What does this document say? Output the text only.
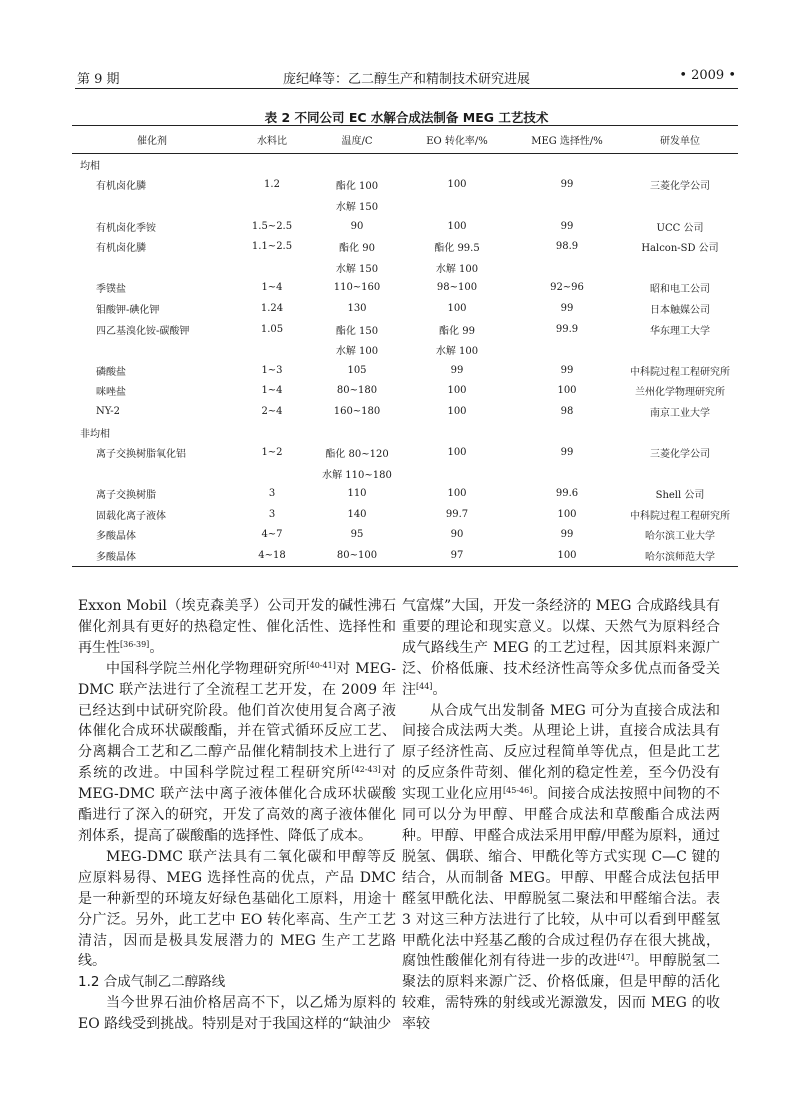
第 9 期	庞纪峰等：乙二醇生产和精制技术研究进展	• 2009 •
表 2 不同公司 EC 水解合成法制备 MEG 工艺技术
催化剂	水料比	温度/C	EO 转化率/%	MEG 选择性/%	研发单位
均相					
有机卤化膦	1.2	酯化 100	100	99	三菱化学公司
		水解 150			
有机卤化季铵	1.5~2.5	90	100	99	UCC 公司
有机卤化膦	1.1~2.5	酯化 90	酯化 99.5	98.9	Halcon-SD 公司
		水解 150	水解 100		
季镤盐	1~4	110~160	98~100	92~96	昭和电工公司
钼酸钾-碘化钾	1.24	130	100	99	日本触媒公司
四乙基溴化铵-碳酸钾	1.05	酯化 150	酯化 99	99.9	华东理工大学
		水解 100	水解 100		
磷酸盐	1~3	105	99	99	中科院过程工程研究所
咪唑盐	1~4	80~180	100	100	兰州化学物理研究所
NY-2	2~4	160~180	100	98	南京工业大学
非均相					
离子交换树脂氧化铝	1~2	酯化 80~120	100	99	三菱化学公司
		水解 110~180			
离子交换树脂	3	110	100	99.6	Shell 公司
固载化离子液体	3	140	99.7	100	中科院过程工程研究所
多酸晶体	4~7	95	90	99	哈尔滨工业大学
多酸晶体	4~18	80~100	97	100	哈尔滨师范大学

Exxon Mobil（埃克森美孚）公司开发的碱性沸石催化剂具有更好的热稳定性、催化活性、选择性和再生性[36-39]。

中国科学院兰州化学物理研究所[40-41]对 MEG-DMC 联产法进行了全流程工艺开发，在 2009 年已经达到中试研究阶段。他们首次使用复合离子液体催化合成环状碳酸酯，并在管式循环反应工艺、分离耦合工艺和乙二醇产品催化精制技术上进行了系统的改进。中国科学院过程工程研究所[42-43]对 MEG-DMC 联产法中离子液体催化合成环状碳酸酯进行了深入的研究，开发了高效的离子液体催化剂体系，提高了碳酸酯的选择性、降低了成本。

MEG-DMC 联产法具有二氧化碳和甲醇等反应原料易得、MEG 选择性高的优点，产品 DMC 是一种新型的环境友好绿色基础化工原料，用途十分广泛。另外，此工艺中 EO 转化率高、生产工艺清洁，因而是极具发展潜力的 MEG 生产工艺路线。

1.2 合成气制乙二醇路线

当今世界石油价格居高不下，以乙烯为原料的 EO 路线受到挑战。特别是对于我国这样的“缺油少

气富煤”大国，开发一条经济的 MEG 合成路线具有重要的理论和现实意义。以煤、天然气为原料经合成气路线生产 MEG 的工艺过程，因其原料来源广泛、价格低廉、技术经济性高等众多优点而备受关注[44]。

从合成气出发制备 MEG 可分为直接合成法和间接合成法两大类。从理论上讲，直接合成法具有原子经济性高、反应过程简单等优点，但是此工艺的反应条件苛刻、催化剂的稳定性差，至今仍没有实现工业化应用[45-46]。间接合成法按照中间物的不同可以分为甲醇、甲醛合成法和草酸酯合成法两种。甲醇、甲醛合成法采用甲醇/甲醛为原料，通过脱氢、偶联、缩合、甲酰化等方式实现 C—C 键的结合，从而制备 MEG。甲醇、甲醛合成法包括甲醛氢甲酰化法、甲醇脱氢二聚法和甲醛缩合法。表 3 对这三种方法进行了比较，从中可以看到甲醛氢甲酰化法中羟基乙酸的合成过程仍存在很大挑战，腐蚀性酸催化剂有待进一步的改进[47]。甲醇脱氢二聚法的原料来源广泛、价格低廉，但是甲醇的活化较难，需特殊的射线或光源激发，因而 MEG 的收率较
